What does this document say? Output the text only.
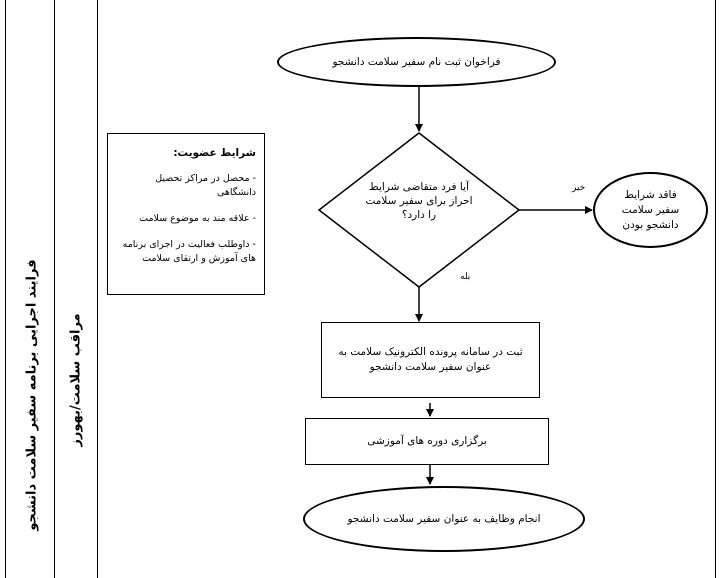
فرایند اجرایی برنامه سفیر سلامت دانشجو مراقب سلامت/بهورز
فراخوان ثبت نام سفیر سلامت دانشجو
آیا فرد متقاضی شرایط احراز برای سفیر سلامت را دارد؟
خیر
بله
فاقد شرایط سفیر سلامت دانشجو بودن
ثبت در سامانه پرونده الکترونیک سلامت به عنوان سفیر سلامت دانشجو
برگزاری دوره های آموزشی
انجام وظایف به عنوان سفیر سلامت دانشجو
شرایط عضویت:
- محصل در مراکز تحصیل دانشگاهی
- علاقه مند به موضوع سلامت
- داوطلب فعالیت در اجرای برنامه های آموزش و ارتقای سلامت
